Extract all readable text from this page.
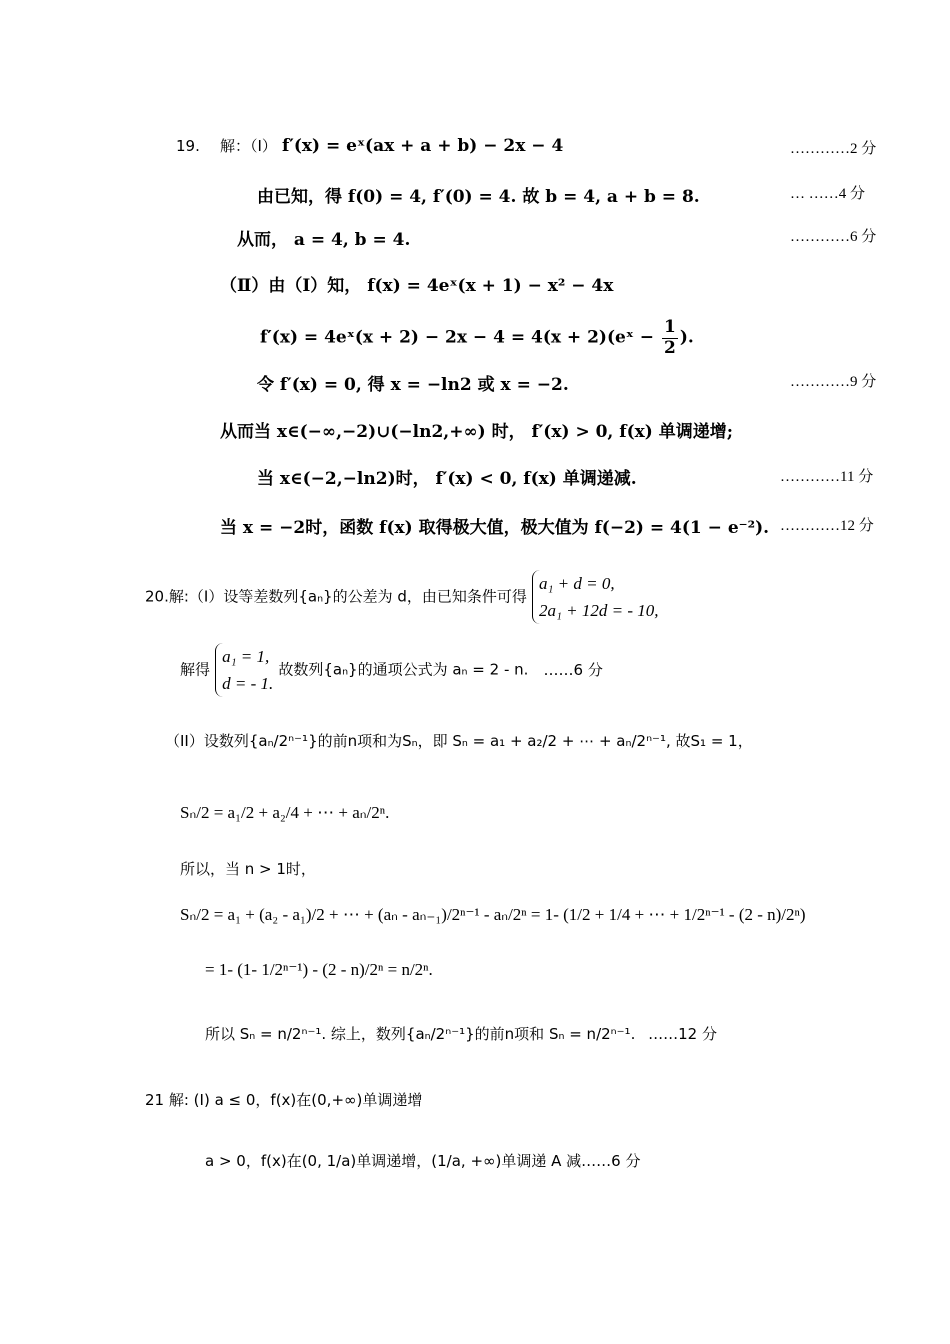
19. 解：（Ⅰ） f′(x) = eˣ(ax + a + b) − 2x − 4	…………2 分
由已知，得 f(0) = 4, f′(0) = 4. 故 b = 4, a + b = 8.	… ……4 分
从而， a = 4, b = 4.	…………6 分
（Ⅱ）由（Ⅰ）知， f(x) = 4eˣ(x + 1) − x² − 4x
f′(x) = 4eˣ(x + 2) − 2x − 4 = 4(x + 2)(eˣ − $\frac{1}{2}$ ).
令 f′(x) = 0, 得 x = −ln2 或 x = −2.	…………9 分
从而当 x∈(−∞,−2)∪(−ln2,+∞) 时， f′(x) > 0, f(x) 单调递增;
当 x∈(−2,−ln2)时， f′(x) < 0, f(x) 单调递减.	…………11 分
当 x = −2时，函数 f(x) 取得极大值，极大值为 f(−2) = 4(1 − e⁻²). …………12 分
20.解:（I）设等差数列{aₙ}的公差为 d，由已知条件可得
a₁ + d = 0,
2a₁ + 12d = - 10,
解得
a₁ = 1,
d = - 1.
故数列{aₙ}的通项公式为 aₙ = 2 - n. ……6 分
（II）设数列{aₙ/2ⁿ⁻¹}的前n项和为Sₙ，即 Sₙ = a₁ + a₂/2 + ⋯ + aₙ/2ⁿ⁻¹, 故S₁ = 1，
Sₙ/2 = a₁/2 + a₂/4 + ⋯ + aₙ/2ⁿ.
所以，当 n > 1时，
Sₙ/2 = a₁ + (a₂ - a₁)/2 + ⋯ + (aₙ - aₙ₋₁)/2ⁿ⁻¹ - aₙ/2ⁿ = 1- (1/2 + 1/4 + ⋯ + 1/2ⁿ⁻¹ - (2 - n)/2ⁿ)
= 1- (1- 1/2ⁿ⁻¹) - (2 - n)/2ⁿ = n/2ⁿ.
所以 Sₙ = n/2ⁿ⁻¹. 综上，数列{aₙ/2ⁿ⁻¹}的前n项和 Sₙ = n/2ⁿ⁻¹. ……12 分
21 解: (I) a ≤ 0，f(x)在(0,+∞)单调递增
a > 0，f(x)在(0, 1/a)单调递增，(1/a, +∞)单调递 A 减……6 分
